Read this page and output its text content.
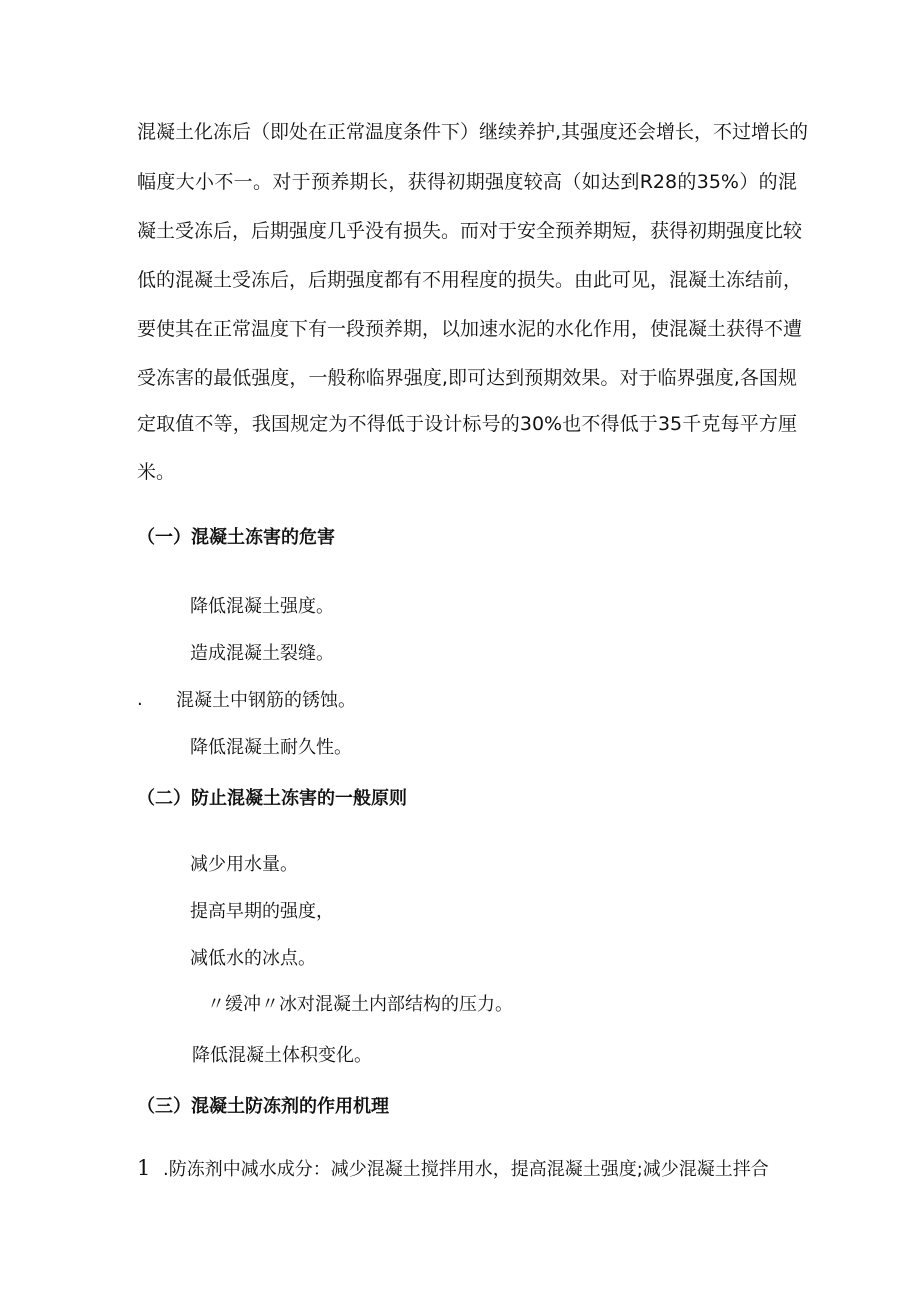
混凝土化冻后（即处在正常温度条件下）继续养护,其强度还会增长，不过增长的
幅度大小不一。对于预养期长，获得初期强度较高（如达到R28的35%）的混
凝土受冻后，后期强度几乎没有损失。而对于安全预养期短，获得初期强度比较
低的混凝土受冻后，后期强度都有不用程度的损失。由此可见，混凝土冻结前，
要使其在正常温度下有一段预养期，以加速水泥的水化作用，使混凝土获得不遭
受冻害的最低强度，一般称临界强度,即可达到预期效果。对于临界强度,各国规
定取值不等，我国规定为不得低于设计标号的30%也不得低于35千克每平方厘
米。
（一）混凝土冻害的危害
降低混凝土强度。
造成混凝土裂缝。
. 混凝土中钢筋的锈蚀。
降低混凝土耐久性。
（二）防止混凝土冻害的一般原则
减少用水量。
提高早期的强度，
减低水的冰点。
〃缓冲〃冰对混凝土内部结构的压力。
降低混凝土体积变化。
（三）混凝土防冻剂的作用机理
1 .防冻剂中减水成分：减少混凝土搅拌用水，提高混凝土强度;减少混凝土拌合
